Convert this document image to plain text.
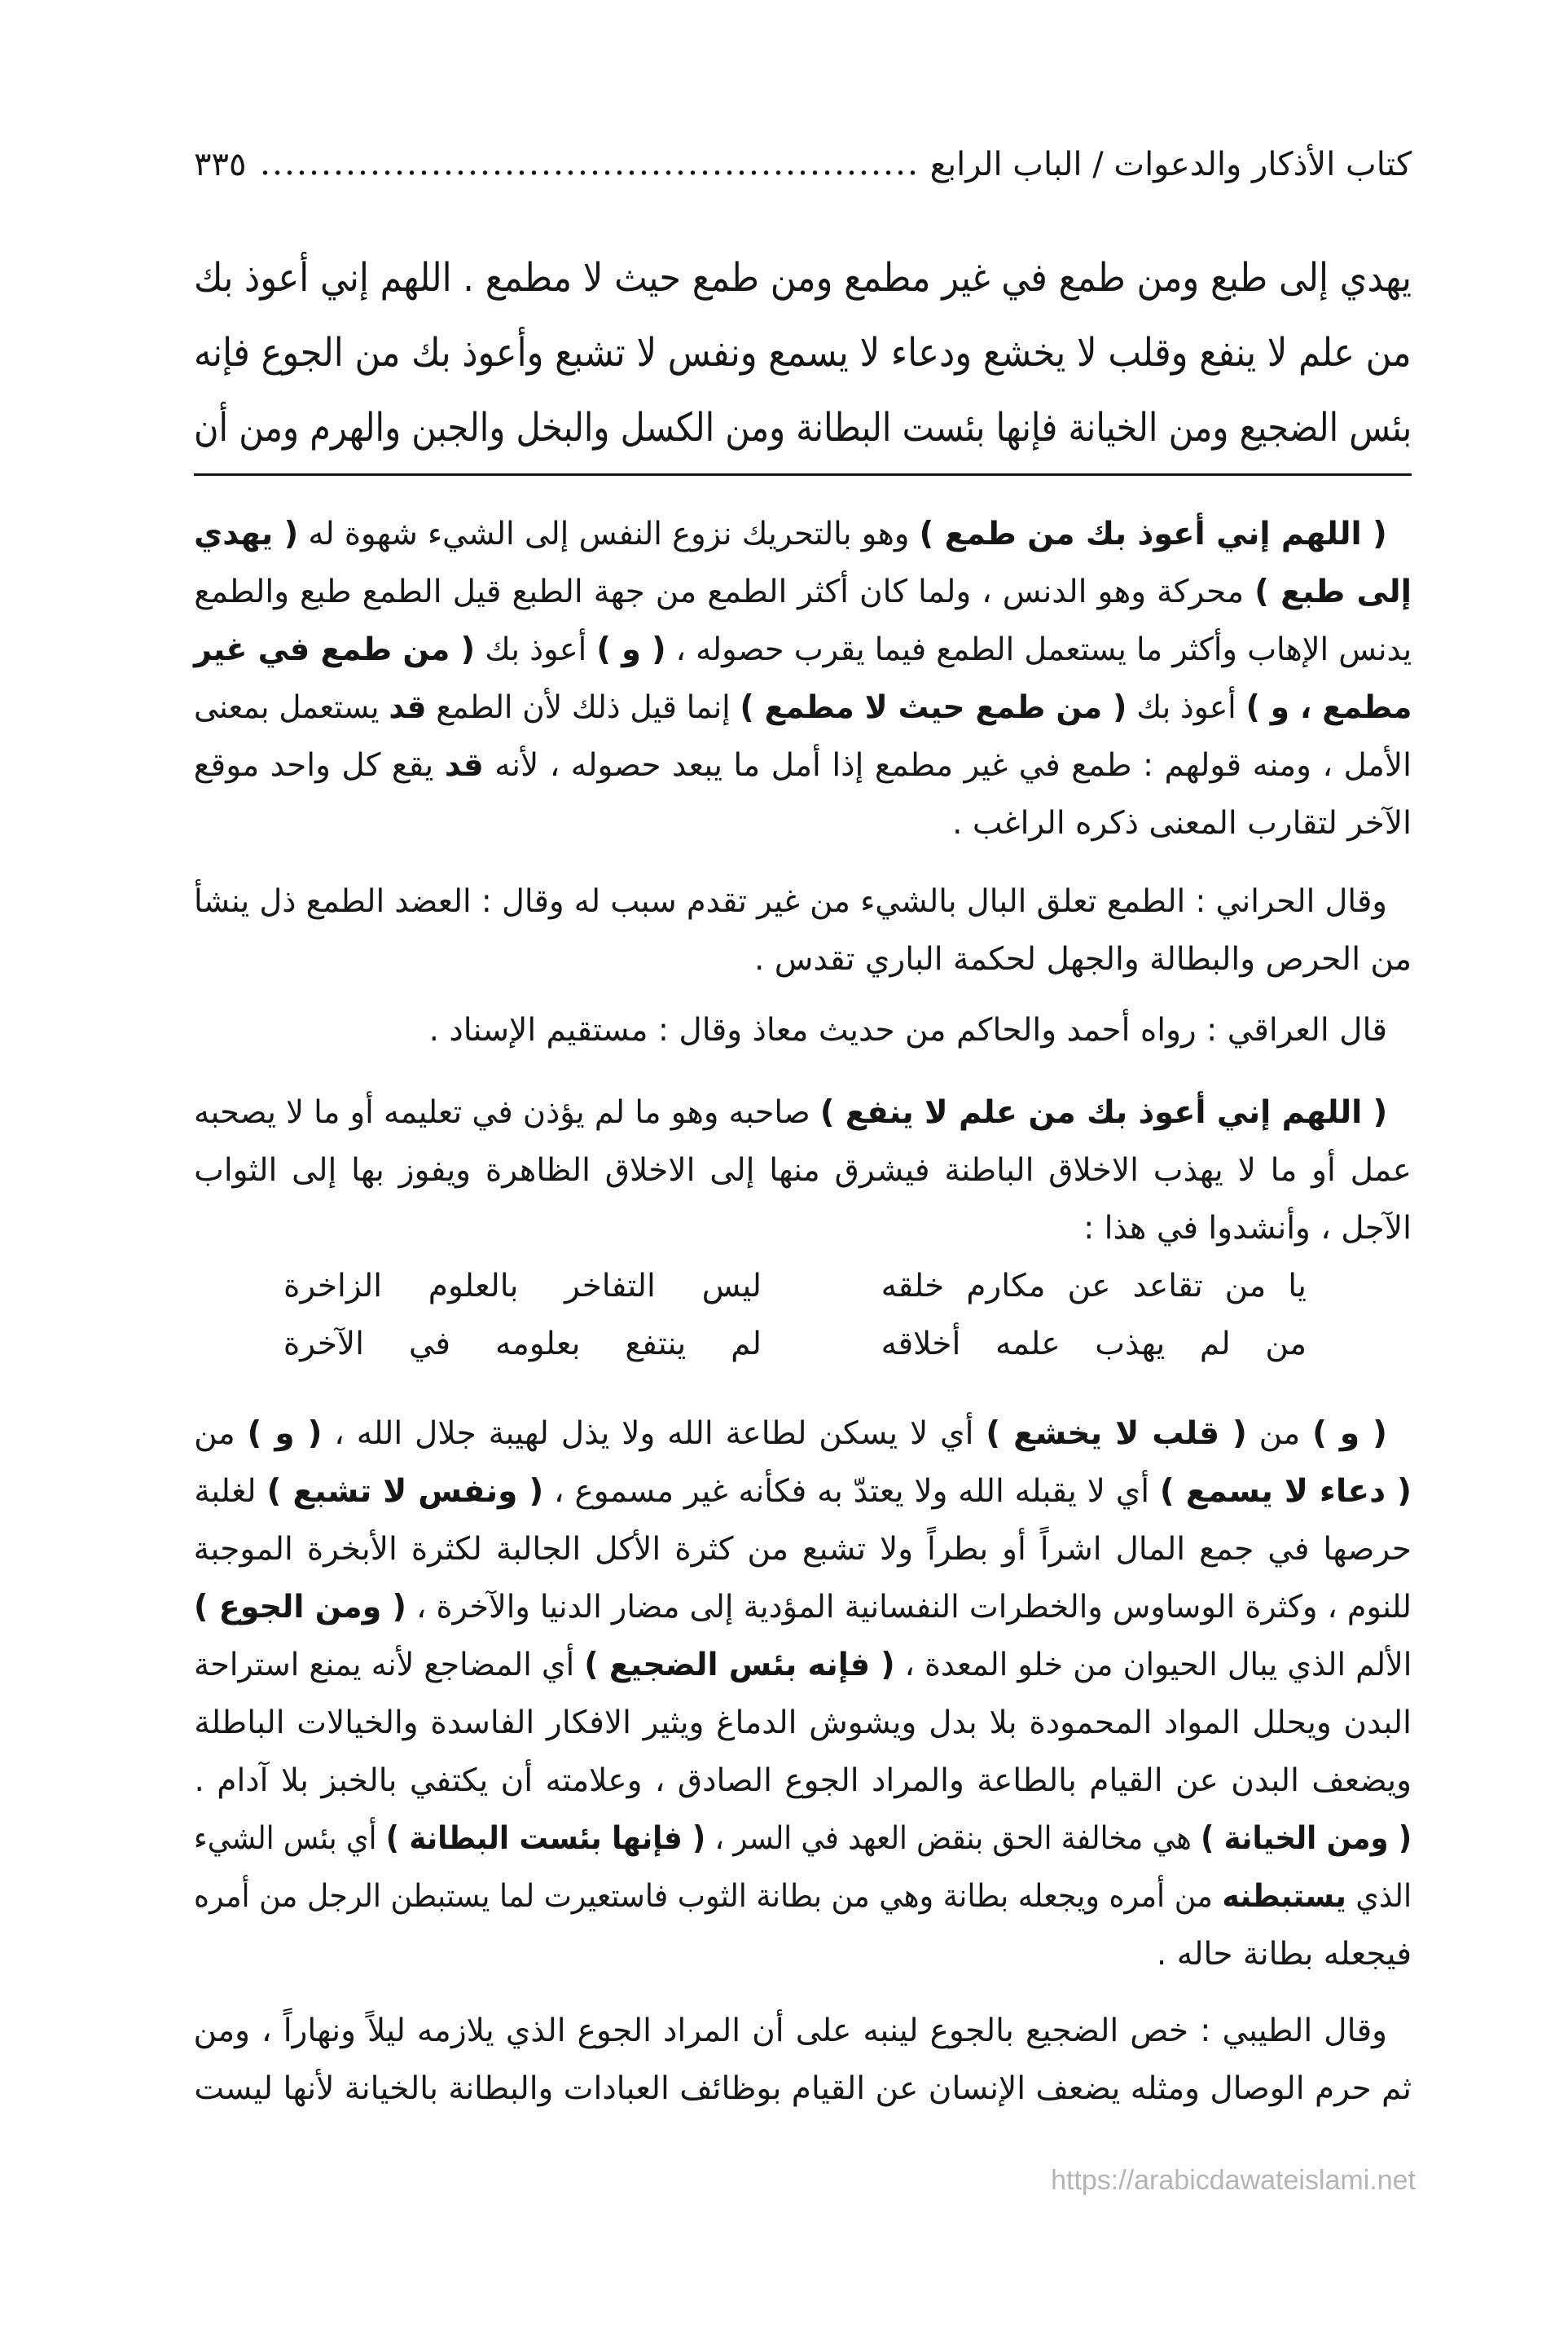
كتاب الأذكار والدعوات / الباب الرابع
٣٣٥
يهدي إلى طبع ومن طمع في غير مطمع ومن طمع حيث لا مطمع . اللهم إني أعوذ بك
من علم لا ينفع وقلب لا يخشع ودعاء لا يسمع ونفس لا تشبع وأعوذ بك من الجوع فإنه
بئس الضجيع ومن الخيانة فإنها بئست البطانة ومن الكسل والبخل والجبن والهرم ومن أن
( اللهم إني أعوذ بك من طمع ) وهو بالتحريك نزوع النفس إلى الشيء شهوة له ( يهدي
إلى طبع ) محركة وهو الدنس ، ولما كان أكثر الطمع من جهة الطبع قيل الطمع طبع والطمع
يدنس الإهاب وأكثر ما يستعمل الطمع فيما يقرب حصوله ، ( و ) أعوذ بك ( من طمع في غير
مطمع ، و ) أعوذ بك ( من طمع حيث لا مطمع ) إنما قيل ذلك لأن الطمع قد يستعمل بمعنى
الأمل ، ومنه قولهم : طمع في غير مطمع إذا أمل ما يبعد حصوله ، لأنه قد يقع كل واحد موقع
الآخر لتقارب المعنى ذكره الراغب .
وقال الحراني : الطمع تعلق البال بالشيء من غير تقدم سبب له وقال : العضد الطمع ذل ينشأ
من الحرص والبطالة والجهل لحكمة الباري تقدس .
قال العراقي : رواه أحمد والحاكم من حديث معاذ وقال : مستقيم الإسناد .
( اللهم إني أعوذ بك من علم لا ينفع ) صاحبه وهو ما لم يؤذن في تعليمه أو ما لا يصحبه
عمل أو ما لا يهذب الاخلاق الباطنة فيشرق منها إلى الاخلاق الظاهرة ويفوز بها إلى الثواب
الآجل ، وأنشدوا في هذا :
يا من تقاعد عن مكارم خلقه
ليس التفاخر بالعلوم الزاخرة
من لم يهذب علمه أخلاقه
لم ينتفع بعلومه في الآخرة
( و ) من ( قلب لا يخشع ) أي لا يسكن لطاعة الله ولا يذل لهيبة جلال الله ، ( و ) من
( دعاء لا يسمع ) أي لا يقبله الله ولا يعتدّ به فكأنه غير مسموع ، ( ونفس لا تشبع ) لغلبة
حرصها في جمع المال اشراً أو بطراً ولا تشبع من كثرة الأكل الجالبة لكثرة الأبخرة الموجبة
للنوم ، وكثرة الوساوس والخطرات النفسانية المؤدية إلى مضار الدنيا والآخرة ، ( ومن الجوع )
الألم الذي يبال الحيوان من خلو المعدة ، ( فإنه بئس الضجيع ) أي المضاجع لأنه يمنع استراحة
البدن ويحلل المواد المحمودة بلا بدل ويشوش الدماغ ويثير الافكار الفاسدة والخيالات الباطلة
ويضعف البدن عن القيام بالطاعة والمراد الجوع الصادق ، وعلامته أن يكتفي بالخبز بلا آدام .
( ومن الخيانة ) هي مخالفة الحق بنقض العهد في السر ، ( فإنها بئست البطانة ) أي بئس الشيء
الذي يستبطنه من أمره ويجعله بطانة وهي من بطانة الثوب فاستعيرت لما يستبطن الرجل من أمره
فيجعله بطانة حاله .
وقال الطيبي : خص الضجيع بالجوع لينبه على أن المراد الجوع الذي يلازمه ليلاً ونهاراً ، ومن
ثم حرم الوصال ومثله يضعف الإنسان عن القيام بوظائف العبادات والبطانة بالخيانة لأنها ليست
https://arabicdawateislami.net
